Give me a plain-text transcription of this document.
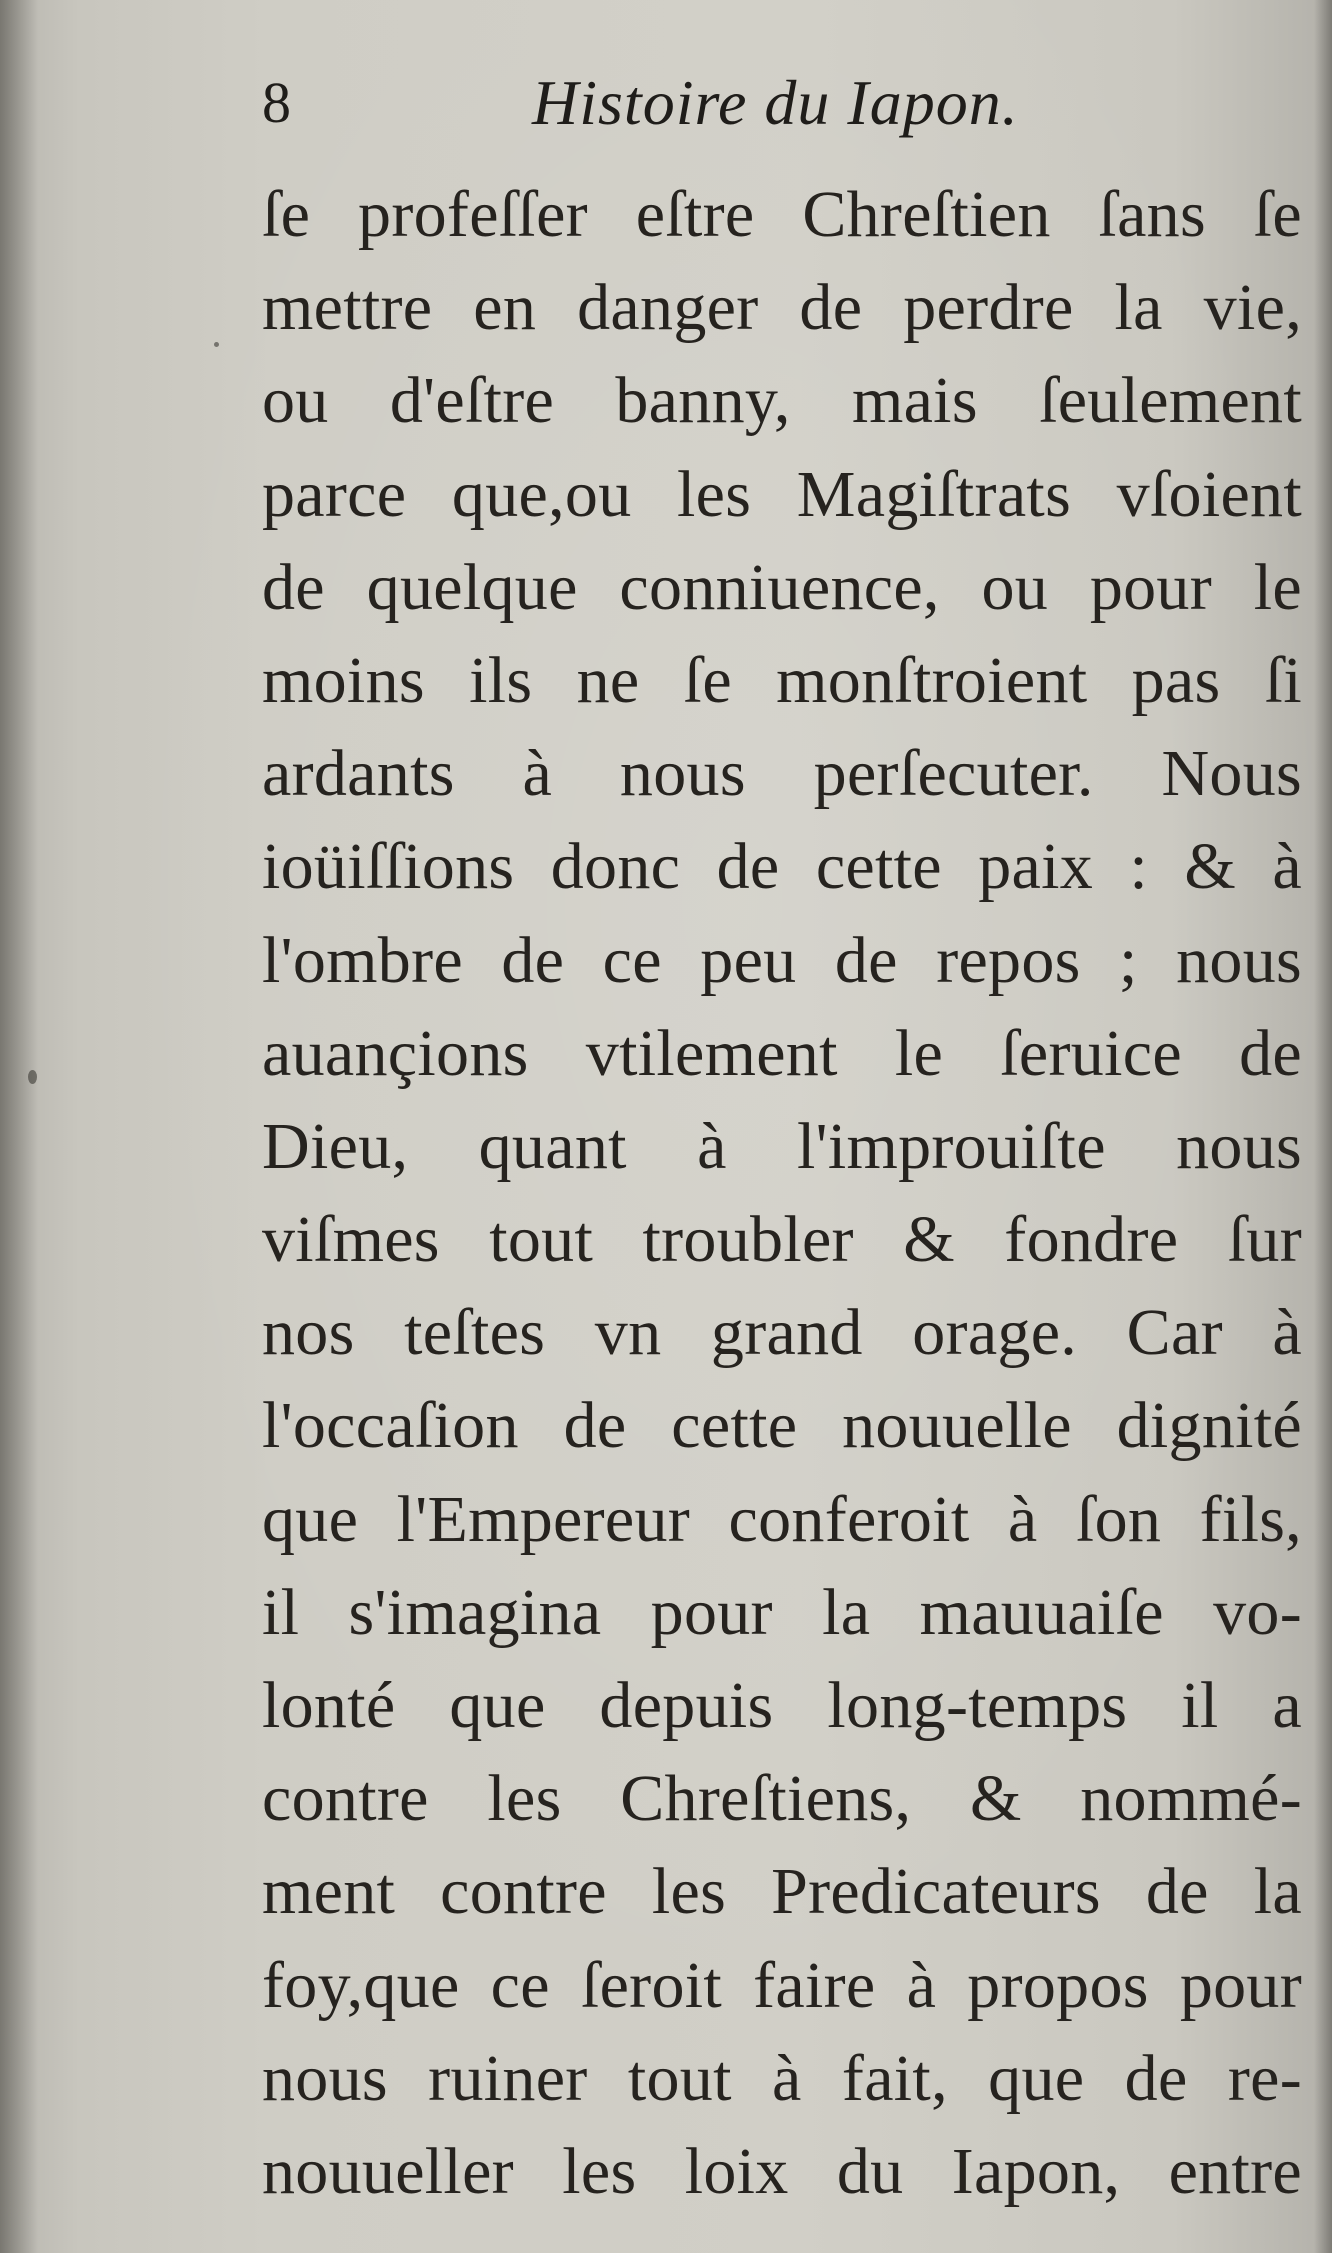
8	Histoire du Iapon.
ſe profeſſer eſtre Chreſtien ſans ſe
mettre en danger de perdre la vie,
ou d'eſtre banny, mais ſeulement
parce que,ou les Magiſtrats vſoient
de quelque conniuence, ou pour le
moins ils ne ſe monſtroient pas ſi
ardants à nous perſecuter. Nous
ioüiſſions donc de cette paix : & à
l'ombre de ce peu de repos ; nous
auançions vtilement le ſeruice de
Dieu, quant à l'improuiſte nous
viſmes tout troubler & fondre ſur
nos teſtes vn grand orage. Car à
l'occaſion de cette nouuelle dignité
que l'Empereur conferoit à ſon fils,
il s'imagina pour la mauuaiſe vo-
lonté que depuis long-temps il a
contre les Chreſtiens, & nommé-
ment contre les Predicateurs de la
foy,que ce ſeroit faire à propos pour
nous ruiner tout à fait, que de re-
nouueller les loix du Iapon, entre
